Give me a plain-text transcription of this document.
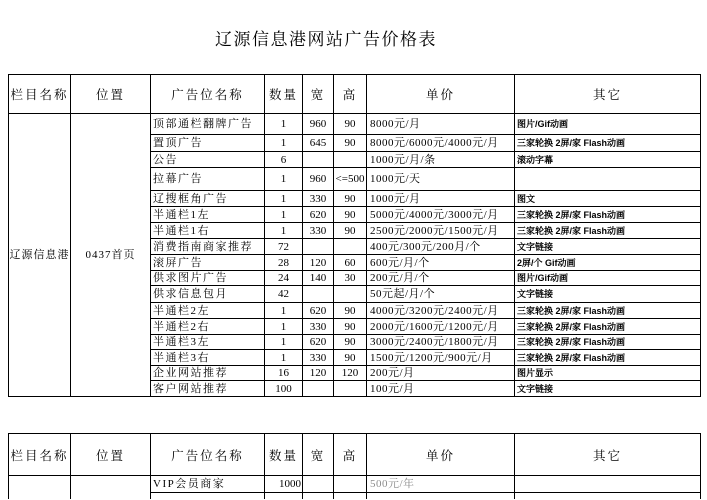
辽源信息港网站广告价格表
栏目名称	位置	广告位名称	数量	宽	高	单价	其它
辽源信息港	0437首页	顶部通栏翻牌广告	1	960	90	8000元/月	图片/Gif动画
		置顶广告	1	645	90	8000元/6000元/4000元/月	三家轮换 2屏/家 Flash动画
		公告	6			1000元/月/条	滚动字幕
		拉幕广告	1	960	<=500	1000元/天	
		辽搜框角广告	1	330	90	1000元/月	图文
		半通栏1左	1	620	90	5000元/4000元/3000元/月	三家轮换 2屏/家 Flash动画
		半通栏1右	1	330	90	2500元/2000元/1500元/月	三家轮换 2屏/家 Flash动画
		消费指南商家推荐	72			400元/300元/200月/个	文字链接
		滚屏广告	28	120	60	600元/月/个	2屏/个 Gif动画
		供求图片广告	24	140	30	200元/月/个	图片/Gif动画
		供求信息包月	42			50元起/月/个	文字链接
		半通栏2左	1	620	90	4000元/3200元/2400元/月	三家轮换 2屏/家 Flash动画
		半通栏2右	1	330	90	2000元/1600元/1200元/月	三家轮换 2屏/家 Flash动画
		半通栏3左	1	620	90	3000元/2400元/1800元/月	三家轮换 2屏/家 Flash动画
		半通栏3右	1	330	90	1500元/1200元/900元/月	三家轮换 2屏/家 Flash动画
		企业网站推荐	16	120	120	200元/月	图片显示
		客户网站推荐	100			100元/月	文字链接
栏目名称	位置	广告位名称	数量	宽	高	单价	其它
		VIP会员商家	1000			500元/年	
